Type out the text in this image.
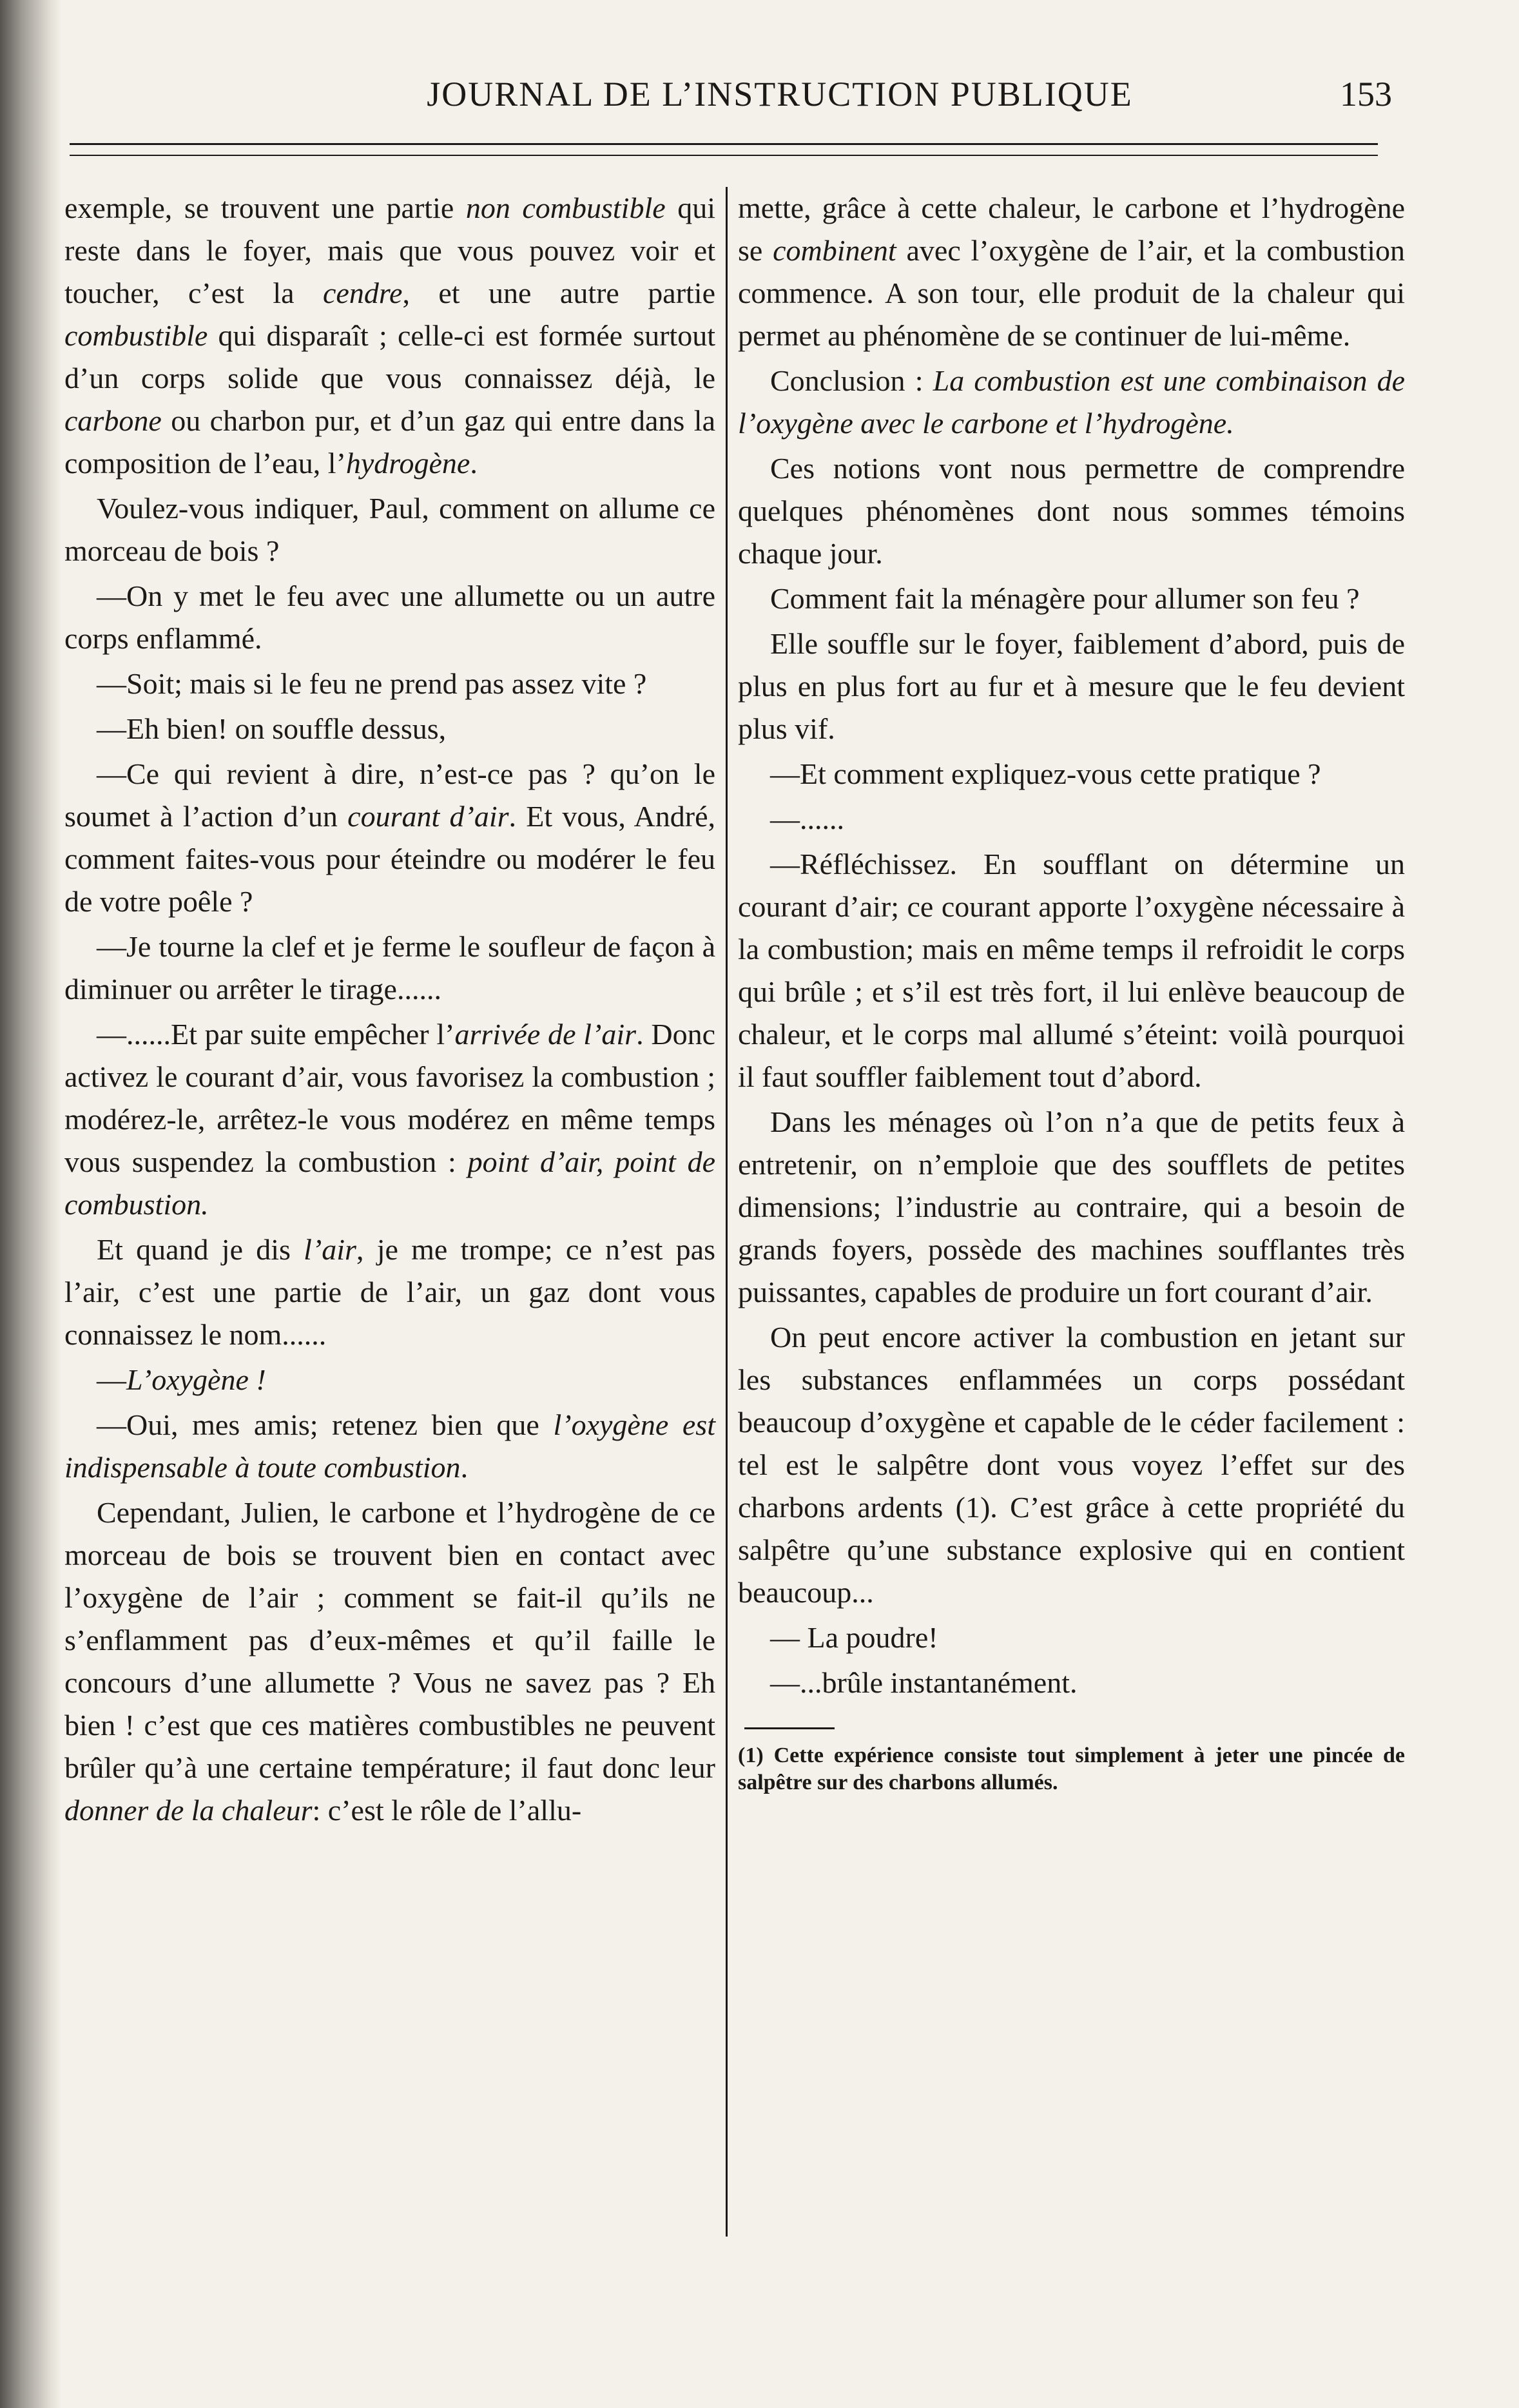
JOURNAL DE L’INSTRUCTION PUBLIQUE	153

exemple, se trouvent une partie non combustible qui reste dans le foyer, mais que vous pouvez voir et toucher, c’est la cendre, et une autre partie combustible qui disparaît ; celle-ci est formée surtout d’un corps solide que vous connaissez déjà, le carbone ou charbon pur, et d’un gaz qui entre dans la composition de l’eau, l’hydrogène.

Voulez-vous indiquer, Paul, comment on allume ce morceau de bois ?

—On y met le feu avec une allumette ou un autre corps enflammé.

—Soit; mais si le feu ne prend pas assez vite ?

—Eh bien! on souffle dessus,

—Ce qui revient à dire, n’est-ce pas ? qu’on le soumet à l’action d’un courant d’air. Et vous, André, comment faites-vous pour éteindre ou modérer le feu de votre poêle ?

—Je tourne la clef et je ferme le soufleur de façon à diminuer ou arrêter le tirage......

—......Et par suite empêcher l’arrivée de l’air. Donc activez le courant d’air, vous favorisez la combustion ; modérez-le, arrêtez-le vous modérez en même temps vous suspendez la combustion : point d’air, point de combustion.

Et quand je dis l’air, je me trompe; ce n’est pas l’air, c’est une partie de l’air, un gaz dont vous connaissez le nom......

—L’oxygène !

—Oui, mes amis; retenez bien que l’oxygène est indispensable à toute combustion.

Cependant, Julien, le carbone et l’hydrogène de ce morceau de bois se trouvent bien en contact avec l’oxygène de l’air ; comment se fait-il qu’ils ne s’enflamment pas d’eux-mêmes et qu’il faille le concours d’une allumette ? Vous ne savez pas ? Eh bien ! c’est que ces matières combustibles ne peuvent brûler qu’à une certaine température; il faut donc leur donner de la chaleur: c’est le rôle de l’allu-

mette, grâce à cette chaleur, le carbone et l’hydrogène se combinent avec l’oxygène de l’air, et la combustion commence. A son tour, elle produit de la chaleur qui permet au phénomène de se continuer de lui-même.

Conclusion : La combustion est une combinaison de l’oxygène avec le carbone et l’hydrogène.

Ces notions vont nous permettre de comprendre quelques phénomènes dont nous sommes témoins chaque jour.

Comment fait la ménagère pour allumer son feu ?

Elle souffle sur le foyer, faiblement d’abord, puis de plus en plus fort au fur et à mesure que le feu devient plus vif.

—Et comment expliquez-vous cette pratique ?

—......

—Réfléchissez. En soufflant on détermine un courant d’air; ce courant apporte l’oxygène nécessaire à la combustion; mais en même temps il refroidit le corps qui brûle ; et s’il est très fort, il lui enlève beaucoup de chaleur, et le corps mal allumé s’éteint: voilà pourquoi il faut souffler faiblement tout d’abord.

Dans les ménages où l’on n’a que de petits feux à entretenir, on n’emploie que des soufflets de petites dimensions; l’industrie au contraire, qui a besoin de grands foyers, possède des machines soufflantes très puissantes, capables de produire un fort courant d’air.

On peut encore activer la combustion en jetant sur les substances enflammées un corps possédant beaucoup d’oxygène et capable de le céder facilement : tel est le salpêtre dont vous voyez l’effet sur des charbons ardents (1). C’est grâce à cette propriété du salpêtre qu’une substance explosive qui en contient beaucoup...

— La poudre!

—...brûle instantanément.

(1) Cette expérience consiste tout simplement à jeter une pincée de salpêtre sur des charbons allumés.
